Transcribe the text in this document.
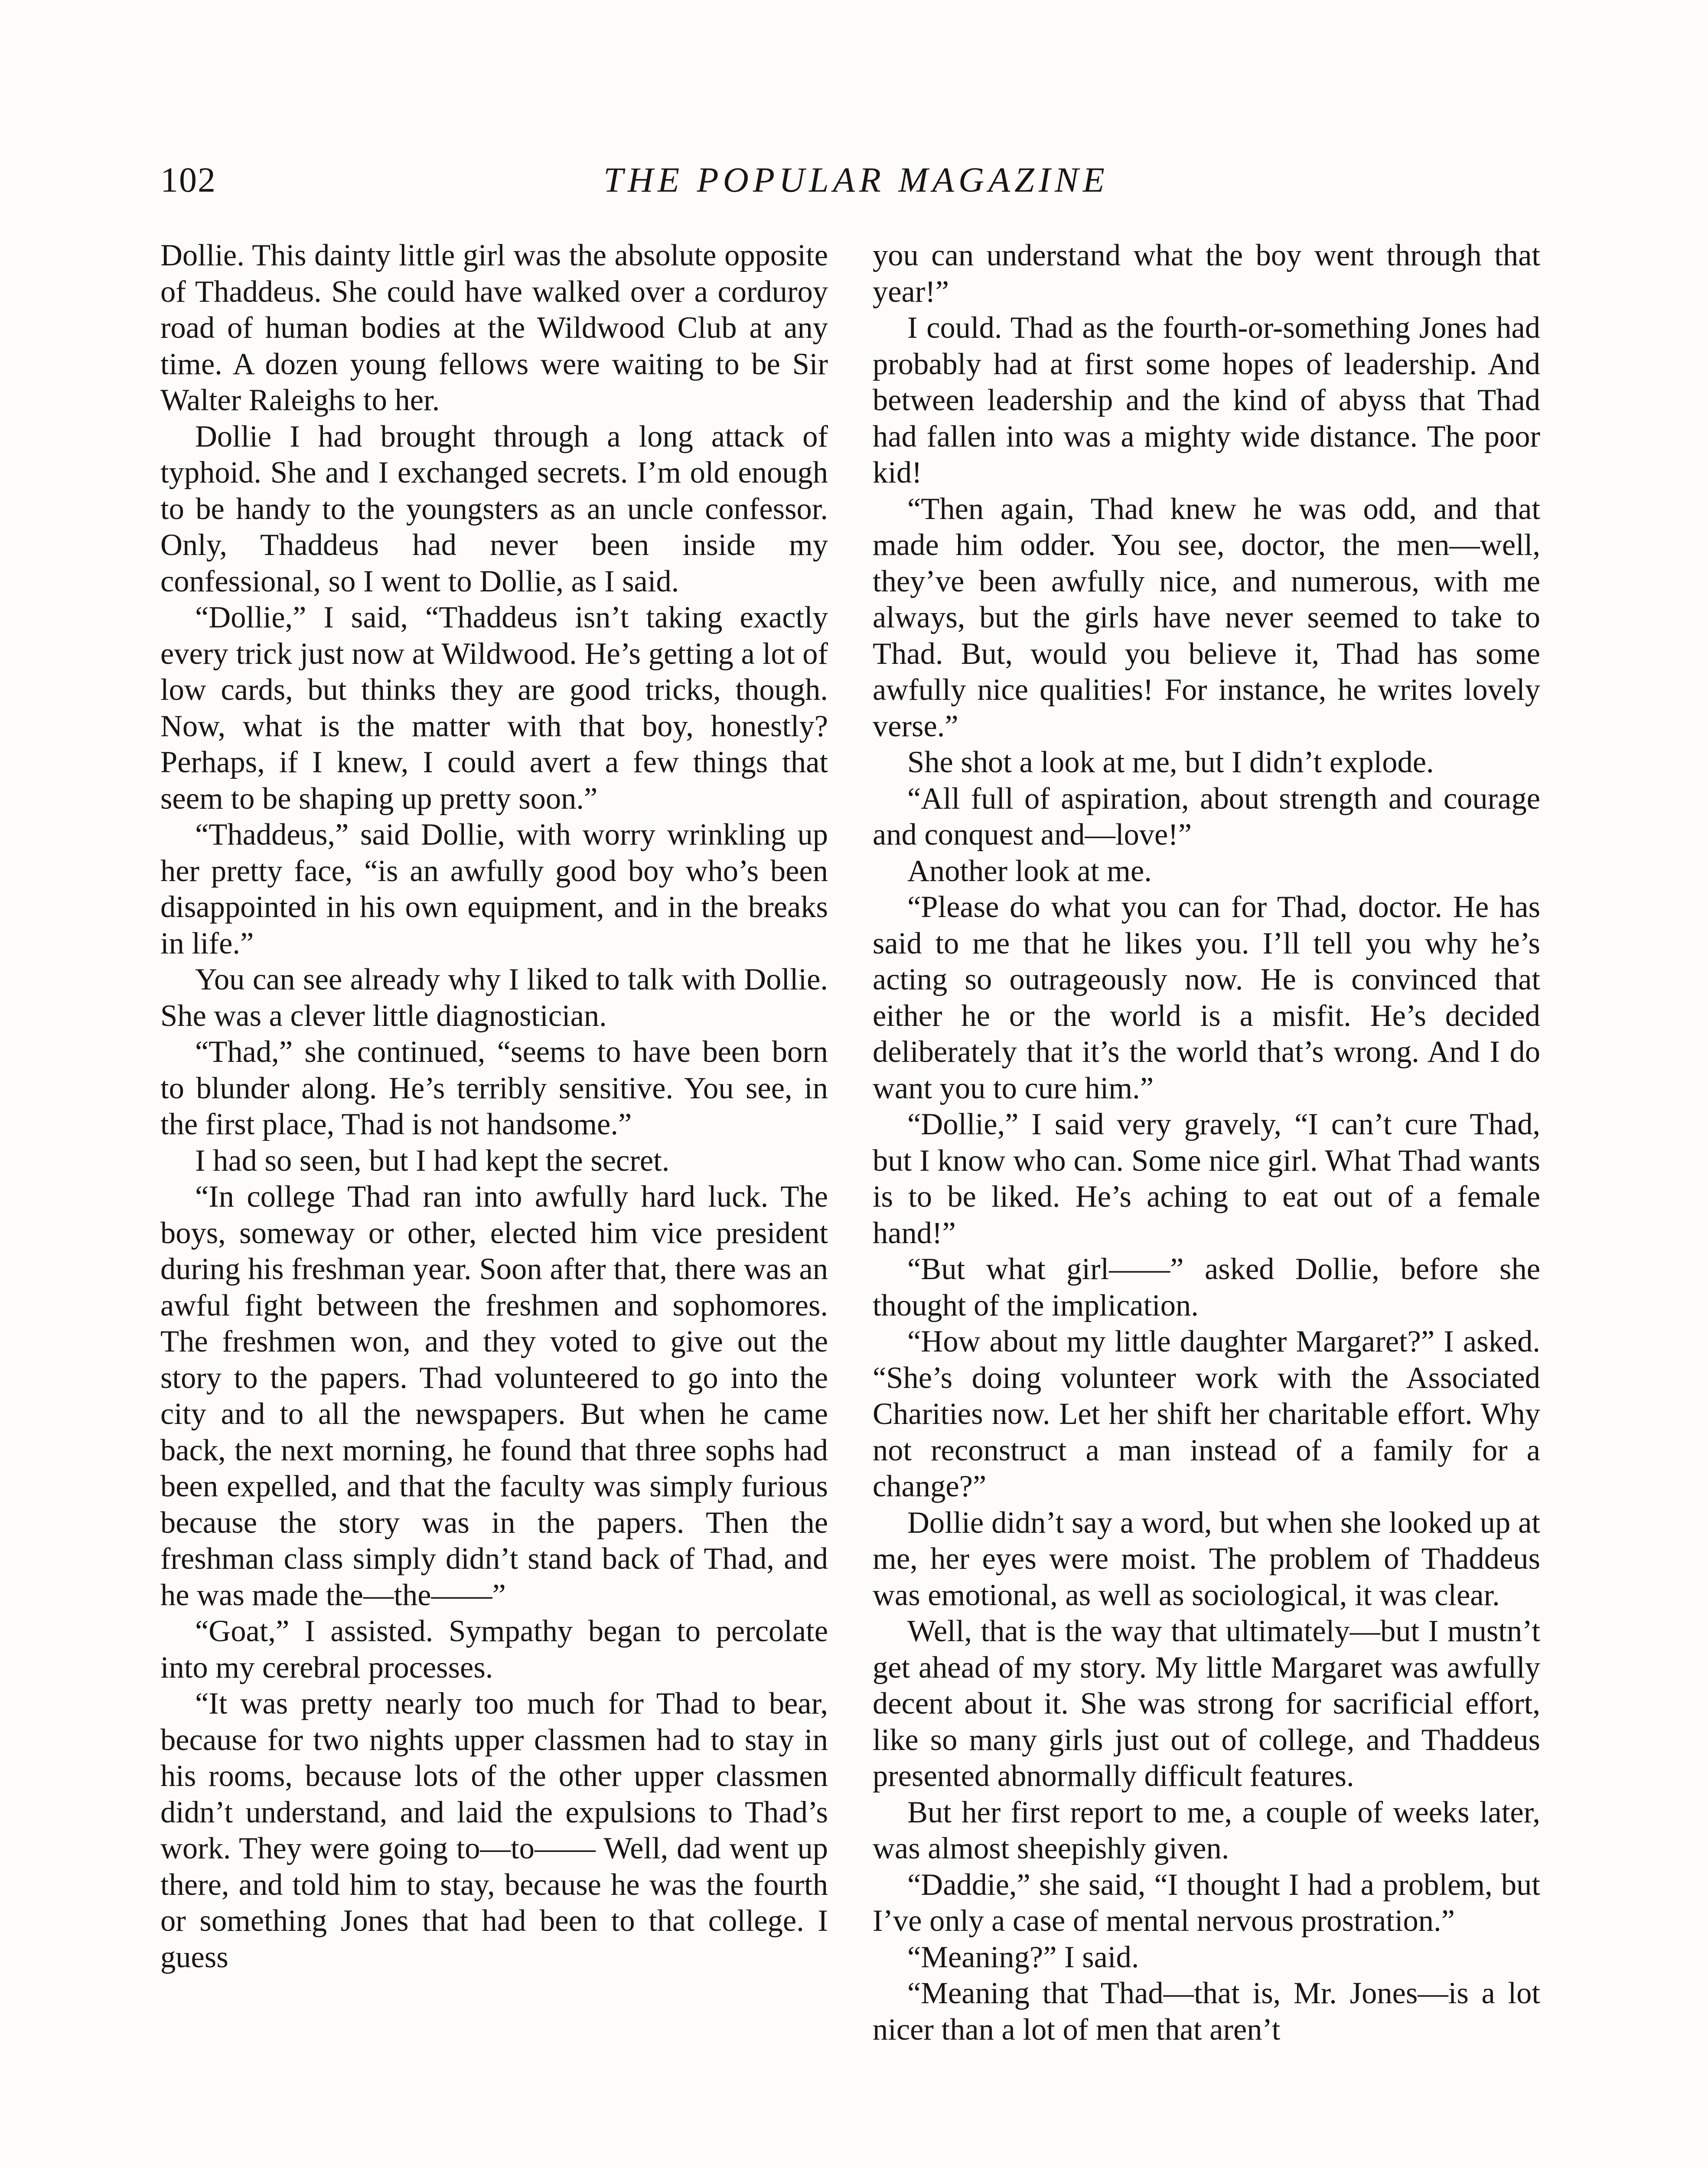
102	THE POPULAR MAGAZINE

Dollie. This dainty little girl was the absolute opposite of Thaddeus. She could have walked over a corduroy road of human bodies at the Wildwood Club at any time. A dozen young fellows were waiting to be Sir Walter Raleighs to her.

Dollie I had brought through a long attack of typhoid. She and I exchanged secrets. I’m old enough to be handy to the youngsters as an uncle confessor. Only, Thaddeus had never been inside my confessional, so I went to Dollie, as I said.

“Dollie,” I said, “Thaddeus isn’t taking exactly every trick just now at Wildwood. He’s getting a lot of low cards, but thinks they are good tricks, though. Now, what is the matter with that boy, honestly? Perhaps, if I knew, I could avert a few things that seem to be shaping up pretty soon.”

“Thaddeus,” said Dollie, with worry wrinkling up her pretty face, “is an awfully good boy who’s been disappointed in his own equipment, and in the breaks in life.”

You can see already why I liked to talk with Dollie. She was a clever little diagnostician.

“Thad,” she continued, “seems to have been born to blunder along. He’s terribly sensitive. You see, in the first place, Thad is not handsome.”

I had so seen, but I had kept the secret.

“In college Thad ran into awfully hard luck. The boys, someway or other, elected him vice president during his freshman year. Soon after that, there was an awful fight between the freshmen and sophomores. The freshmen won, and they voted to give out the story to the papers. Thad volunteered to go into the city and to all the newspapers. But when he came back, the next morning, he found that three sophs had been expelled, and that the faculty was simply furious because the story was in the papers. Then the freshman class simply didn’t stand back of Thad, and he was made the—the——”

“Goat,” I assisted. Sympathy began to percolate into my cerebral processes.

“It was pretty nearly too much for Thad to bear, because for two nights upper classmen had to stay in his rooms, because lots of the other upper classmen didn’t understand, and laid the expulsions to Thad’s work. They were going to—to—— Well, dad went up there, and told him to stay, because he was the fourth or something Jones that had been to that college. I guess

you can understand what the boy went through that year!”

I could. Thad as the fourth-or-something Jones had probably had at first some hopes of leadership. And between leadership and the kind of abyss that Thad had fallen into was a mighty wide distance. The poor kid!

“Then again, Thad knew he was odd, and that made him odder. You see, doctor, the men—well, they’ve been awfully nice, and numerous, with me always, but the girls have never seemed to take to Thad. But, would you believe it, Thad has some awfully nice qualities! For instance, he writes lovely verse.”

She shot a look at me, but I didn’t explode.

“All full of aspiration, about strength and courage and conquest and—love!”

Another look at me.

“Please do what you can for Thad, doctor. He has said to me that he likes you. I’ll tell you why he’s acting so outrageously now. He is convinced that either he or the world is a misfit. He’s decided deliberately that it’s the world that’s wrong. And I do want you to cure him.”

“Dollie,” I said very gravely, “I can’t cure Thad, but I know who can. Some nice girl. What Thad wants is to be liked. He’s aching to eat out of a female hand!”

“But what girl——” asked Dollie, before she thought of the implication.

“How about my little daughter Margaret?” I asked. “She’s doing volunteer work with the Associated Charities now. Let her shift her charitable effort. Why not reconstruct a man instead of a family for a change?”

Dollie didn’t say a word, but when she looked up at me, her eyes were moist. The problem of Thaddeus was emotional, as well as sociological, it was clear.

Well, that is the way that ultimately—but I mustn’t get ahead of my story. My little Margaret was awfully decent about it. She was strong for sacrificial effort, like so many girls just out of college, and Thaddeus presented abnormally difficult features.

But her first report to me, a couple of weeks later, was almost sheepishly given.

“Daddie,” she said, “I thought I had a problem, but I’ve only a case of mental nervous prostration.”

“Meaning?” I said.

“Meaning that Thad—that is, Mr. Jones—is a lot nicer than a lot of men that aren’t
